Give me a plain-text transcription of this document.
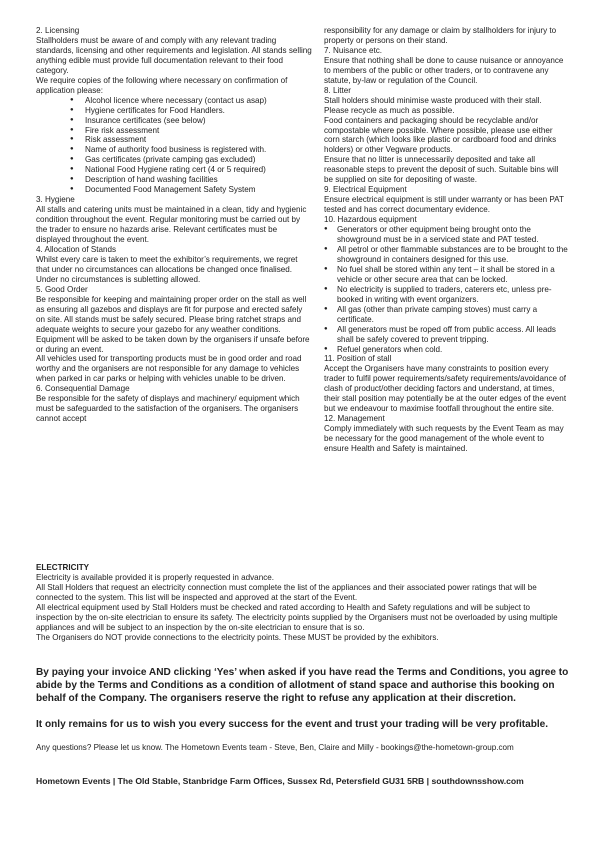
2. Licensing

Stallholders must be aware of and comply with any relevant trading standards, licensing and other requirements and legislation. All stands selling anything edible must provide full documentation relevant to their food category.

We require copies of the following where necessary on confirmation of application please:

● Alcohol licence where necessary (contact us asap)
● Hygiene certificates for Food Handlers.
● Insurance certificates (see below)
● Fire risk assessment
● Risk assessment
● Name of authority food business is registered with.
● Gas certificates (private camping gas excluded)
● National Food Hygiene rating cert (4 or 5 required)
● Description of hand washing facilities
● Documented Food Management Safety System

3. Hygiene

All stalls and catering units must be maintained in a clean, tidy and hygienic condition throughout the event. Regular monitoring must be carried out by the trader to ensure no hazards arise. Relevant certificates must be displayed throughout the event.

4. Allocation of Stands

Whilst every care is taken to meet the exhibitor’s requirements, we regret that under no circumstances can allocations be changed once finalised. Under no circumstances is subletting allowed.

5. Good Order

Be responsible for keeping and maintaining proper order on the stall as well as ensuring all gazebos and displays are fit for purpose and erected safely on site. All stands must be safely secured. Please bring ratchet straps and adequate weights to secure your gazebo for any weather conditions. Equipment will be asked to be taken down by the organisers if unsafe before or during an event.

All vehicles used for transporting products must be in good order and road worthy and the organisers are not responsible for any damage to vehicles when parked in car parks or helping with vehicles unable to be driven.

6. Consequential Damage

Be responsible for the safety of displays and machinery/ equipment which must be safeguarded to the satisfaction of the organisers. The organisers cannot accept

responsibility for any damage or claim by stallholders for injury to property or persons on their stand.

7. Nuisance etc.

Ensure that nothing shall be done to cause nuisance or annoyance to members of the public or other traders, or to contravene any statute, by-law or regulation of the Council.

8. Litter

Stall holders should minimise waste produced with their stall. Please recycle as much as possible.

Food containers and packaging should be recyclable and/or compostable where possible. Where possible, please use either corn starch (which looks like plastic or cardboard food and drinks holders) or other Vegware products.

Ensure that no litter is unnecessarily deposited and take all reasonable steps to prevent the deposit of such. Suitable bins will be supplied on site for depositing of waste.

9. Electrical Equipment

Ensure electrical equipment is still under warranty or has been PAT tested and has correct documentary evidence.

10. Hazardous equipment

● Generators or other equipment being brought onto the showground must be in a serviced state and PAT tested.
● All petrol or other flammable substances are to be brought to the showground in containers designed for this use.
● No fuel shall be stored within any tent – it shall be stored in a vehicle or other secure area that can be locked.
● No electricity is supplied to traders, caterers etc, unless pre-booked in writing with event organizers.
● All gas (other than private camping stoves) must carry a certificate.
● All generators must be roped off from public access. All leads shall be safely covered to prevent tripping.
● Refuel generators when cold.

11. Position of stall

Accept the Organisers have many constraints to position every trader to fulfil power requirements/safety requirements/avoidance of clash of product/other deciding factors and understand, at times, their stall position may potentially be at the outer edges of the event but we endeavour to maximise footfall throughout the entire site.

12. Management

Comply immediately with such requests by the Event Team as may be necessary for the good management of the whole event to ensure Health and Safety is maintained.

ELECTRICITY

Electricity is available provided it is properly requested in advance.

All Stall Holders that request an electricity connection must complete the list of the appliances and their associated power ratings that will be connected to the system. This list will be inspected and approved at the start of the Event.

All electrical equipment used by Stall Holders must be checked and rated according to Health and Safety regulations and will be subject to inspection by the on-site electrician to ensure its safety. The electricity points supplied by the Organisers must not be overloaded by using multiple appliances and will be subject to an inspection by the on-site electrician to ensure that is so.

The Organisers do NOT provide connections to the electricity points. These MUST be provided by the exhibitors.

By paying your invoice AND clicking ‘Yes’ when asked if you have read the Terms and Conditions, you agree to abide by the Terms and Conditions as a condition of allotment of stand space and authorise this booking on behalf of the Company. The organisers reserve the right to refuse any application at their discretion.

It only remains for us to wish you every success for the event and trust your trading will be very profitable.

Any questions? Please let us know. The Hometown Events team - Steve, Ben, Claire and Milly - bookings@the-hometown-group.com

Hometown Events | The Old Stable, Stanbridge Farm Offices, Sussex Rd, Petersfield GU31 5RB | southdownsshow.com
